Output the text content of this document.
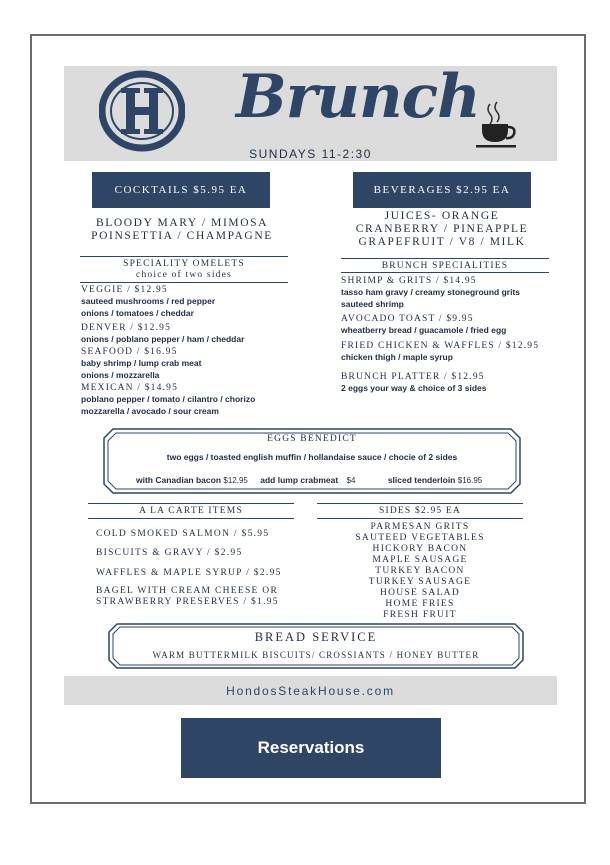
Brunch
SUNDAYS 11-2:30
COCKTAILS $5.95 EA	BEVERAGES $2.95 EA
BLOODY MARY / MIMOSA
POINSETTIA / CHAMPAGNE
JUICES- ORANGE
CRANBERRY / PINEAPPLE
GRAPEFRUIT / V8 / MILK
SPECIALITY OMELETS
choice of two sides
VEGGIE / $12.95
sauteed mushrooms / red pepper
onions / tomatoes / cheddar
DENVER / $12.95
onions / poblano pepper / ham / cheddar
SEAFOOD / $16.95
baby shrimp / lump crab meat
onions / mozzarella
MEXICAN / $14.95
poblano pepper / tomato / cilantro / chorizo
mozzarella / avocado / sour cream
BRUNCH SPECIALITIES
SHRIMP & GRITS / $14.95
tasso ham gravy / creamy stoneground grits
sauteed shrimp
AVOCADO TOAST / $9.95
wheatberry bread / guacamole / fried egg
FRIED CHICKEN & WAFFLES / $12.95
chicken thigh / maple syrup
BRUNCH PLATTER / $12.95
2 eggs your way & choice of 3 sides
EGGS BENEDICT
two eggs / toasted english muffin / hollandaise sauce / chocie of 2 sides
with Canadian bacon $12.95 add lump crabmeat $4	sliced tenderloin $16.95
A LA CARTE ITEMS
COLD SMOKED SALMON / $5.95
BISCUITS & GRAVY / $2.95
WAFFLES & MAPLE SYRUP / $2.95
BAGEL WITH CREAM CHEESE OR
STRAWBERRY PRESERVES / $1.95
SIDES $2.95 EA
PARMESAN GRITS
SAUTEED VEGETABLES
HICKORY BACON
MAPLE SAUSAGE
TURKEY BACON
TURKEY SAUSAGE
HOUSE SALAD
HOME FRIES
FRESH FRUIT
BREAD SERVICE
WARM BUTTERMILK BISCUITS/ CROSSIANTS / HONEY BUTTER
HondosSteakHouse.com
Reservations
